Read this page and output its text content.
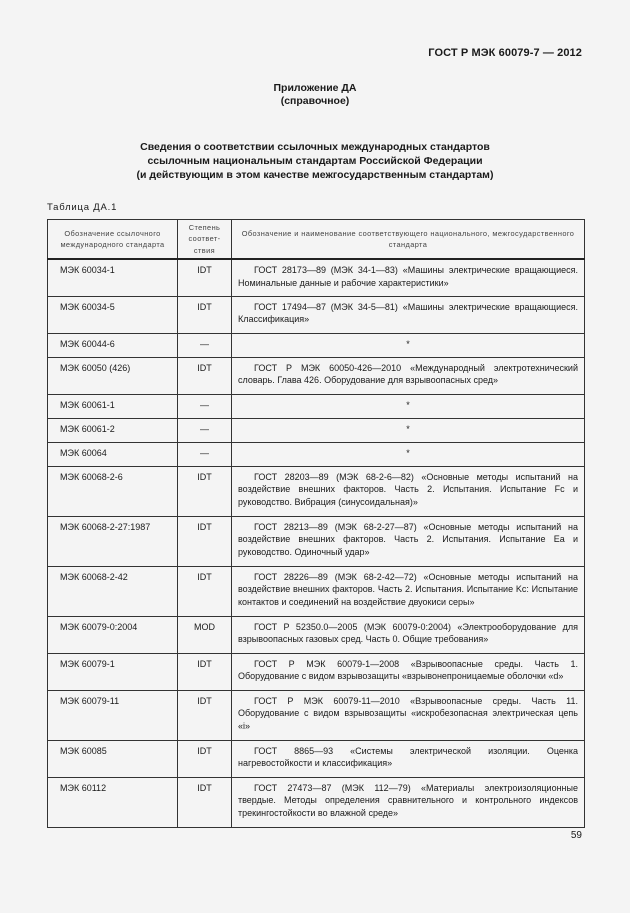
ГОСТ Р МЭК 60079-7 — 2012
Приложение ДА
(справочное)
Сведения о соответствии ссылочных международных стандартов
ссылочным национальным стандартам Российской Федерации
(и действующим в этом качестве межгосударственным стандартам)
Таблица ДА.1
Обозначение ссылочного международного стандарта	Степень соответ-ствия	Обозначение и наименование соответствующего национального, межгосударственного стандарта
МЭК 60034-1	IDT	ГОСТ 28173—89 (МЭК 34-1—83) «Машины электрические вращающиеся. Номинальные данные и рабочие характеристики»

МЭК 60034-5	IDT	ГОСТ 17494—87 (МЭК 34-5—81) «Машины электрические вращающиеся. Классификация»

МЭК 60044-6	—	*

МЭК 60050 (426)	IDT	ГОСТ Р МЭК 60050-426—2010 «Международный электротехнический словарь. Глава 426. Оборудование для взрывоопасных сред»

МЭК 60061-1	—	*

МЭК 60061-2	—	*

МЭК 60064	—	*

МЭК 60068-2-6	IDT	ГОСТ 28203—89 (МЭК 68-2-6—82) «Основные методы испытаний на воздействие внешних факторов. Часть 2. Испытания. Испытание Fc и руководство. Вибрация (синусоидальная)»

МЭК 60068-2-27:1987	IDT	ГОСТ 28213—89 (МЭК 68-2-27—87) «Основные методы испытаний на воздействие внешних факторов. Часть 2. Испытания. Испытание Ea и руководство. Одиночный удар»

МЭК 60068-2-42	IDT	ГОСТ 28226—89 (МЭК 68-2-42—72) «Основные методы испытаний на воздействие внешних факторов. Часть 2. Испытания. Испытание Kc: Испытание контактов и соединений на воздействие двуокиси серы»

МЭК 60079-0:2004	MOD	ГОСТ Р 52350.0—2005 (МЭК 60079-0:2004) «Электрооборудование для взрывоопасных газовых сред. Часть 0. Общие требования»

МЭК 60079-1	IDT	ГОСТ Р МЭК 60079-1—2008 «Взрывоопасные среды. Часть 1. Оборудование с видом взрывозащиты «взрывонепроницаемые оболочки «d»

МЭК 60079-11	IDT	ГОСТ Р МЭК 60079-11—2010 «Взрывоопасные среды. Часть 11. Оборудование с видом взрывозащиты «искробезопасная электрическая цепь «i»

МЭК 60085	IDT	ГОСТ 8865—93 «Системы электрической изоляции. Оценка нагревостойкости и классификация»

МЭК 60112	IDT	ГОСТ 27473—87 (МЭК 112—79) «Материалы электроизоляционные твердые. Методы определения сравнительного и контрольного индексов трекингостойкости во влажной среде»
59
